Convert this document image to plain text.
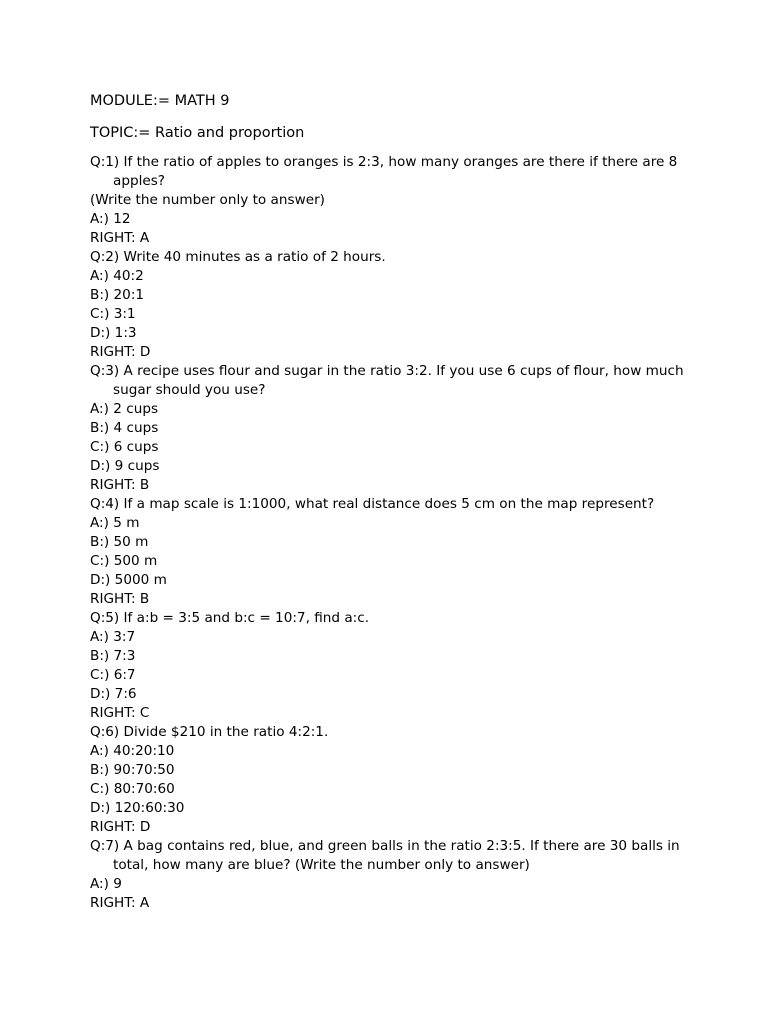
MODULE:= MATH 9

TOPIC:= Ratio and proportion

Q:1) If the ratio of apples to oranges is 2:3, how many oranges are there if there are 8 apples?
(Write the number only to answer)
A:) 12
RIGHT: A
Q:2) Write 40 minutes as a ratio of 2 hours.
A:) 40:2
B:) 20:1
C:) 3:1
D:) 1:3
RIGHT: D
Q:3) A recipe uses flour and sugar in the ratio 3:2. If you use 6 cups of flour, how much sugar should you use?
A:) 2 cups
B:) 4 cups
C:) 6 cups
D:) 9 cups
RIGHT: B
Q:4) If a map scale is 1:1000, what real distance does 5 cm on the map represent?
A:) 5 m
B:) 50 m
C:) 500 m
D:) 5000 m
RIGHT: B
Q:5) If a:b = 3:5 and b:c = 10:7, find a:c.
A:) 3:7
B:) 7:3
C:) 6:7
D:) 7:6
RIGHT: C
Q:6) Divide $210 in the ratio 4:2:1.
A:) 40:20:10
B:) 90:70:50
C:) 80:70:60
D:) 120:60:30
RIGHT: D
Q:7) A bag contains red, blue, and green balls in the ratio 2:3:5. If there are 30 balls in total, how many are blue? (Write the number only to answer)
A:) 9
RIGHT: A
